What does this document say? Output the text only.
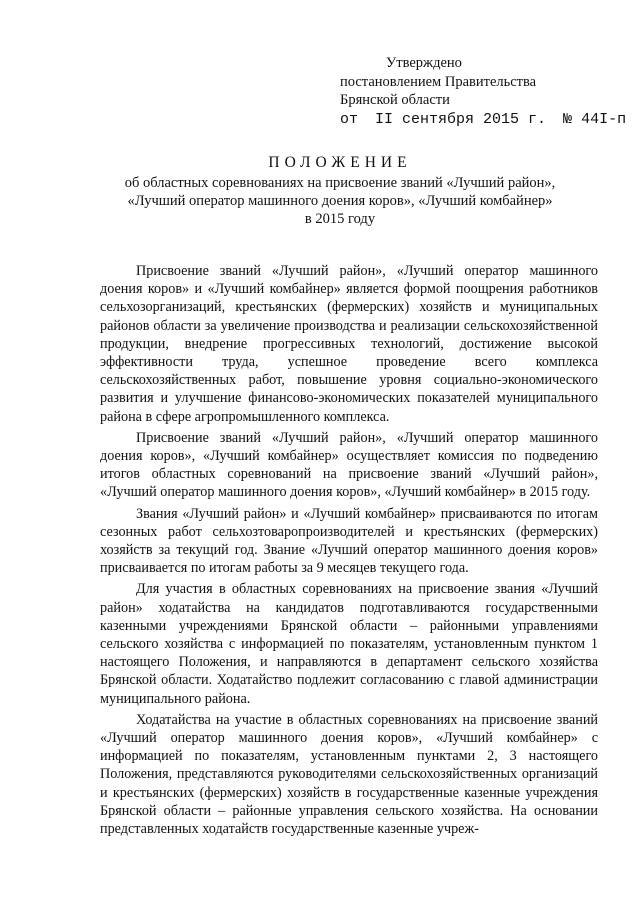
Утверждено
постановлением Правительства
Брянской области
от II сентября 2015 г. № 44I-п
ПОЛОЖЕНИЕ
об областных соревнованиях на присвоение званий «Лучший район»,
«Лучший оператор машинного доения коров», «Лучший комбайнер»
в 2015 году

Присвоение званий «Лучший район», «Лучший оператор машинного доения коров» и «Лучший комбайнер» является формой поощрения работников сельхозорганизаций, крестьянских (фермерских) хозяйств и муниципальных районов области за увеличение производства и реализации сельскохозяйственной продукции, внедрение прогрессивных технологий, достижение высокой эффективности труда, успешное проведение всего комплекса сельскохозяйственных работ, повышение уровня социально-экономического развития и улучшение финансово-экономических показателей муниципального района в сфере агропромышленного комплекса.

Присвоение званий «Лучший район», «Лучший оператор машинного доения коров», «Лучший комбайнер» осуществляет комиссия по подведению итогов областных соревнований на присвоение званий «Лучший район», «Лучший оператор машинного доения коров», «Лучший комбайнер» в 2015 году.

Звания «Лучший район» и «Лучший комбайнер» присваиваются по итогам сезонных работ сельхозтоваропроизводителей и крестьянских (фермерских) хозяйств за текущий год. Звание «Лучший оператор машинного доения коров» присваивается по итогам работы за 9 месяцев текущего года.

Для участия в областных соревнованиях на присвоение звания «Лучший район» ходатайства на кандидатов подготавливаются государственными казенными учреждениями Брянской области – районными управлениями сельского хозяйства с информацией по показателям, установленным пунктом 1 настоящего Положения, и направляются в департамент сельского хозяйства Брянской области. Ходатайство подлежит согласованию с главой администрации муниципального района.

Ходатайства на участие в областных соревнованиях на присвоение званий «Лучший оператор машинного доения коров», «Лучший комбайнер» с информацией по показателям, установленным пунктами 2, 3 настоящего Положения, представляются руководителями сельскохозяйственных организаций и крестьянских (фермерских) хозяйств в государственные казенные учреждения Брянской области – районные управления сельского хозяйства. На основании представленных ходатайств государственные казенные учреж-
